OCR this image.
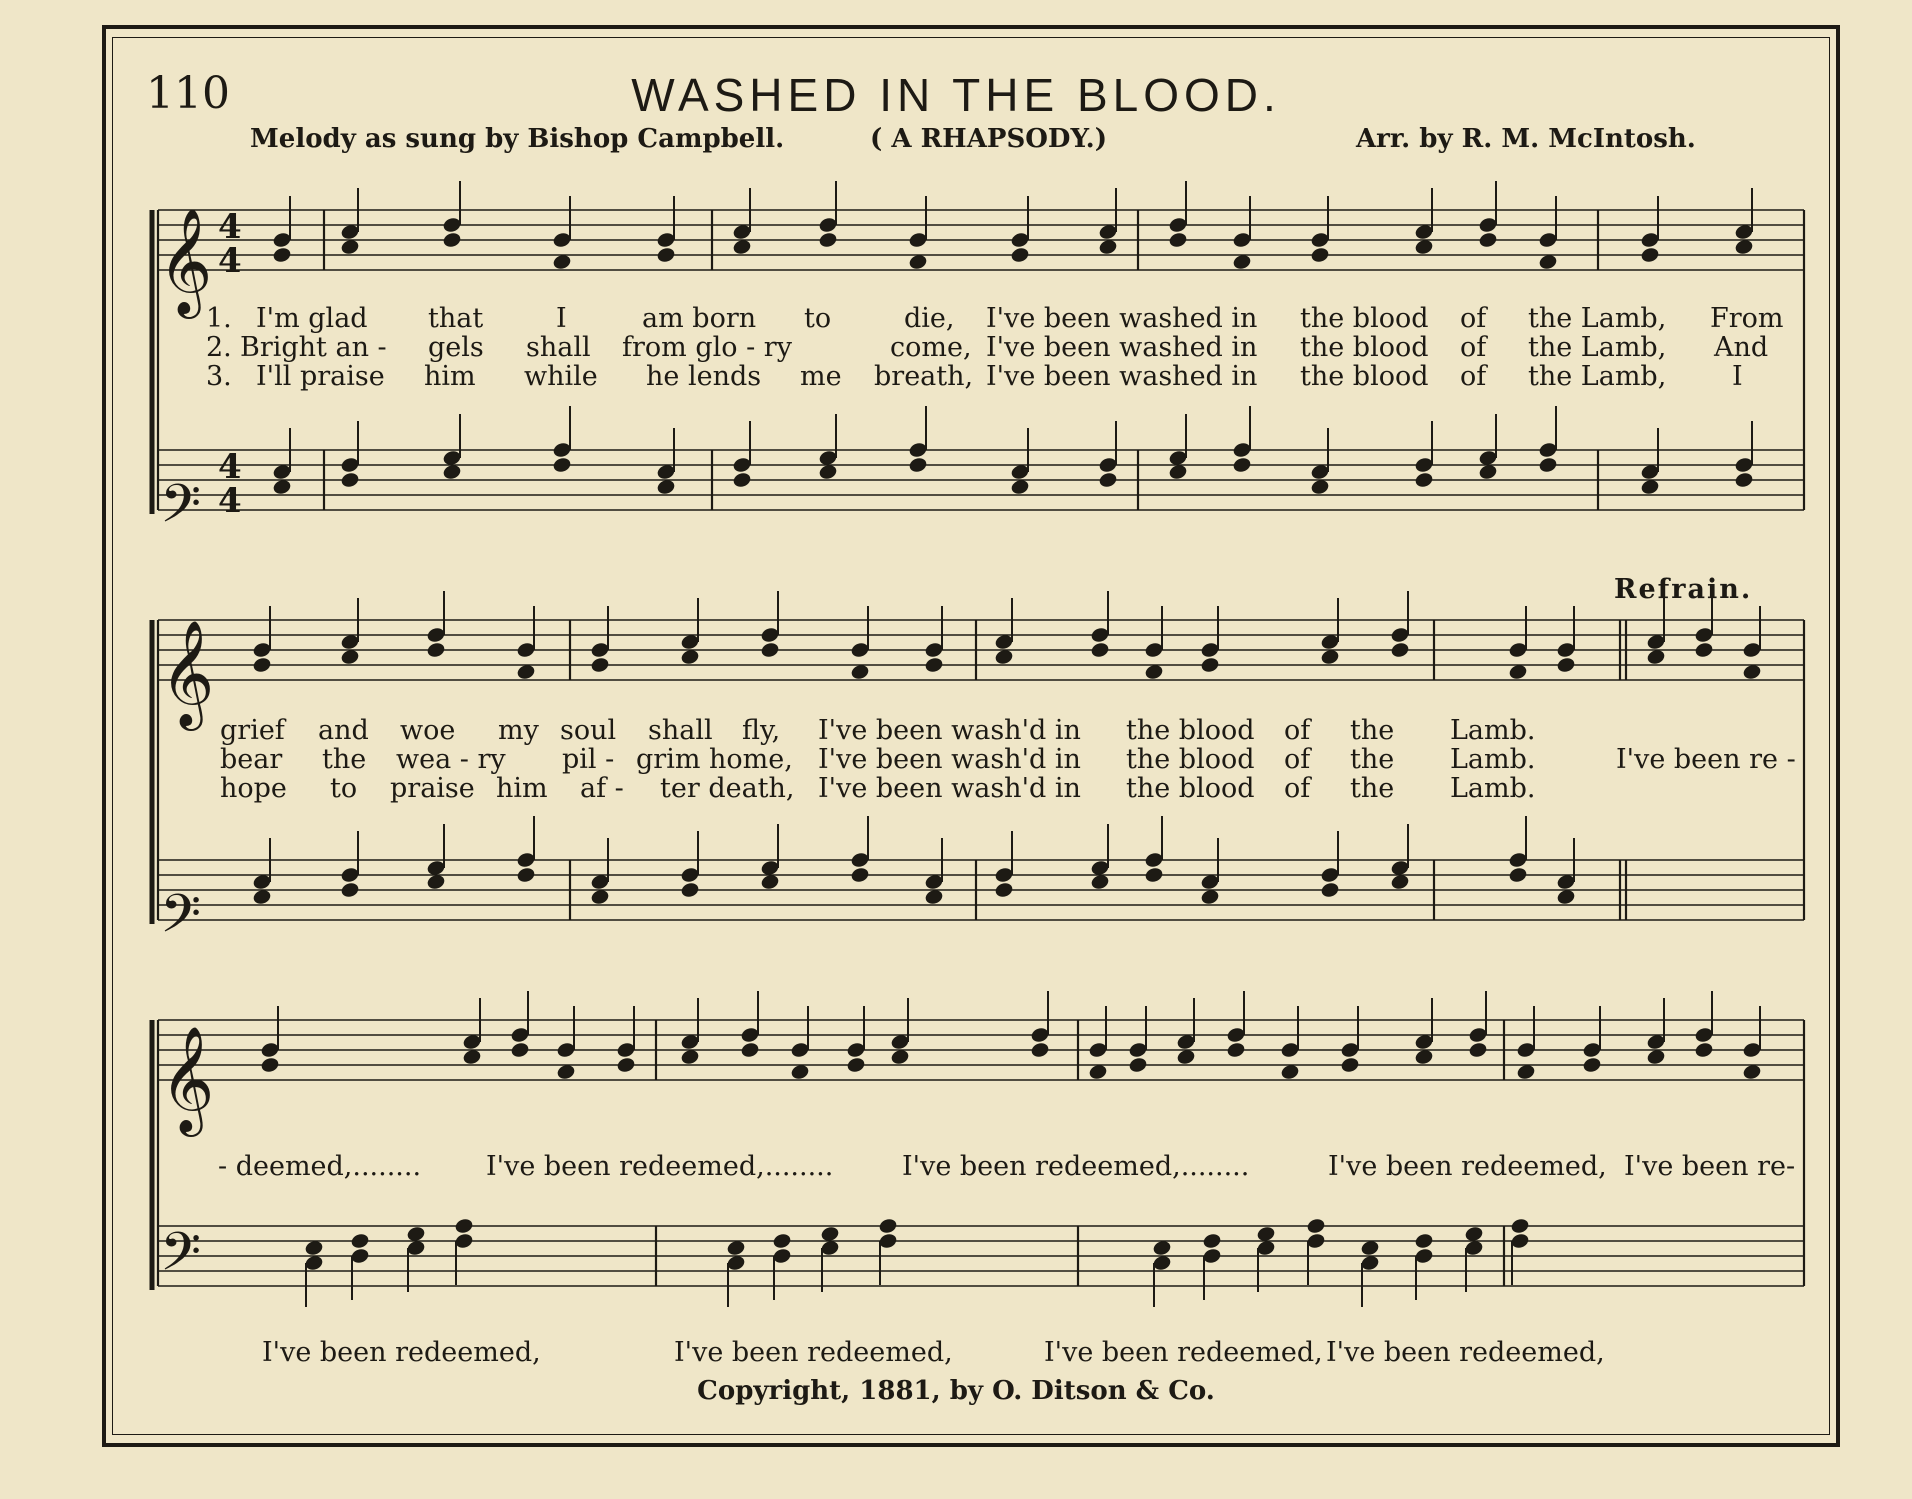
110	WASHED IN THE BLOOD.
Melody as sung by Bishop Campbell.	( A RHAPSODY.)	Arr. by R. M. McIntosh.
Refrain.
1. I'm glad that	I	am born to	die, I've been washed in the blood of the Lamb, From
2. Bright an - gels shall from glo - ry	come, I've been washed in the blood of the Lamb, And
3. I'll praise him while he lends me breath, I've been washed in the blood of the Lamb, I
grief and woe my soul shall fly, I've been wash'd in the blood of the Lamb.
bear the wea - ry pil - grim home, I've been wash'd in the blood of the Lamb.
hope to praise him af - ter death, I've been wash'd in the blood of the Lamb.
I've been re -
- deemed,........ I've been redeemed,........	I've been redeemed,........	I've been redeemed, I've been re-
I've been redeemed,	I've been redeemed,	I've been redeemed, I've been redeemed,
Copyright, 1881, by O. Ditson & Co.
𝄞
𝄞
𝄞
𝄢
𝄢
𝄢
4
4
4
4
